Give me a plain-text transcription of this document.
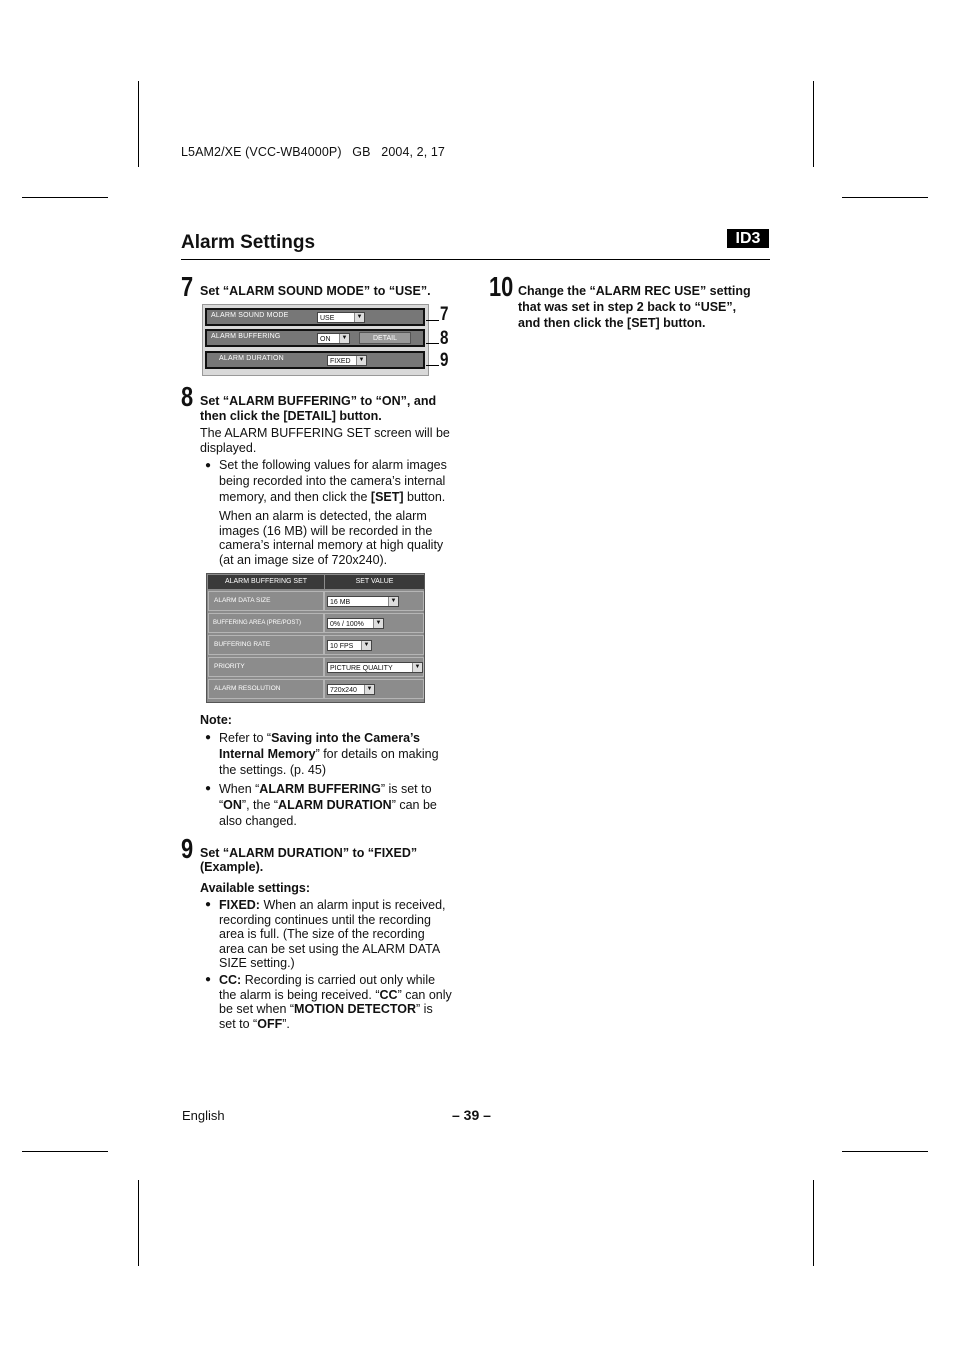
L5AM2/XE (VCC-WB4000P)   GB   2004, 2, 17
Alarm Settings	ID3
7 Set “ALARM SOUND MODE” to “USE”.
ALARM SOUND MODE	USE	▼
ALARM BUFFERING	ON	▼	DETAIL
ALARM DURATION	FIXED	▼
7
8
9
8 Set “ALARM BUFFERING” to “ON”, and
then click the [DETAIL] button.
The ALARM BUFFERING SET screen will be
displayed.
● Set the following values for alarm images
being recorded into the camera’s internal
memory, and then click the [SET] button.
When an alarm is detected, the alarm
images (16 MB) will be recorded in the
camera’s internal memory at high quality
(at an image size of 720x240).
ALARM BUFFERING SET	SET VALUE
ALARM DATA SIZE	16 MB	▼
BUFFERING AREA (PRE/POST)	0% / 100%	▼
BUFFERING RATE	10 FPS	▼
PRIORITY	PICTURE QUALITY	▼
ALARM RESOLUTION	720x240	▼
Note:
● Refer to “Saving into the Camera’s
Internal Memory” for details on making
the settings. (p. 45)
● When “ALARM BUFFERING” is set to
“ON”, the “ALARM DURATION” can be
also changed.
9 Set “ALARM DURATION” to “FIXED”
(Example).
Available settings:
● FIXED: When an alarm input is received,
recording continues until the recording
area is full. (The size of the recording
area can be set using the ALARM DATA
SIZE setting.)
● CC: Recording is carried out only while
the alarm is being received. “CC” can only
be set when “MOTION DETECTOR” is
set to “OFF”.
10 Change the “ALARM REC USE” setting
that was set in step 2 back to “USE”,
and then click the [SET] button.
English	– 39 –
